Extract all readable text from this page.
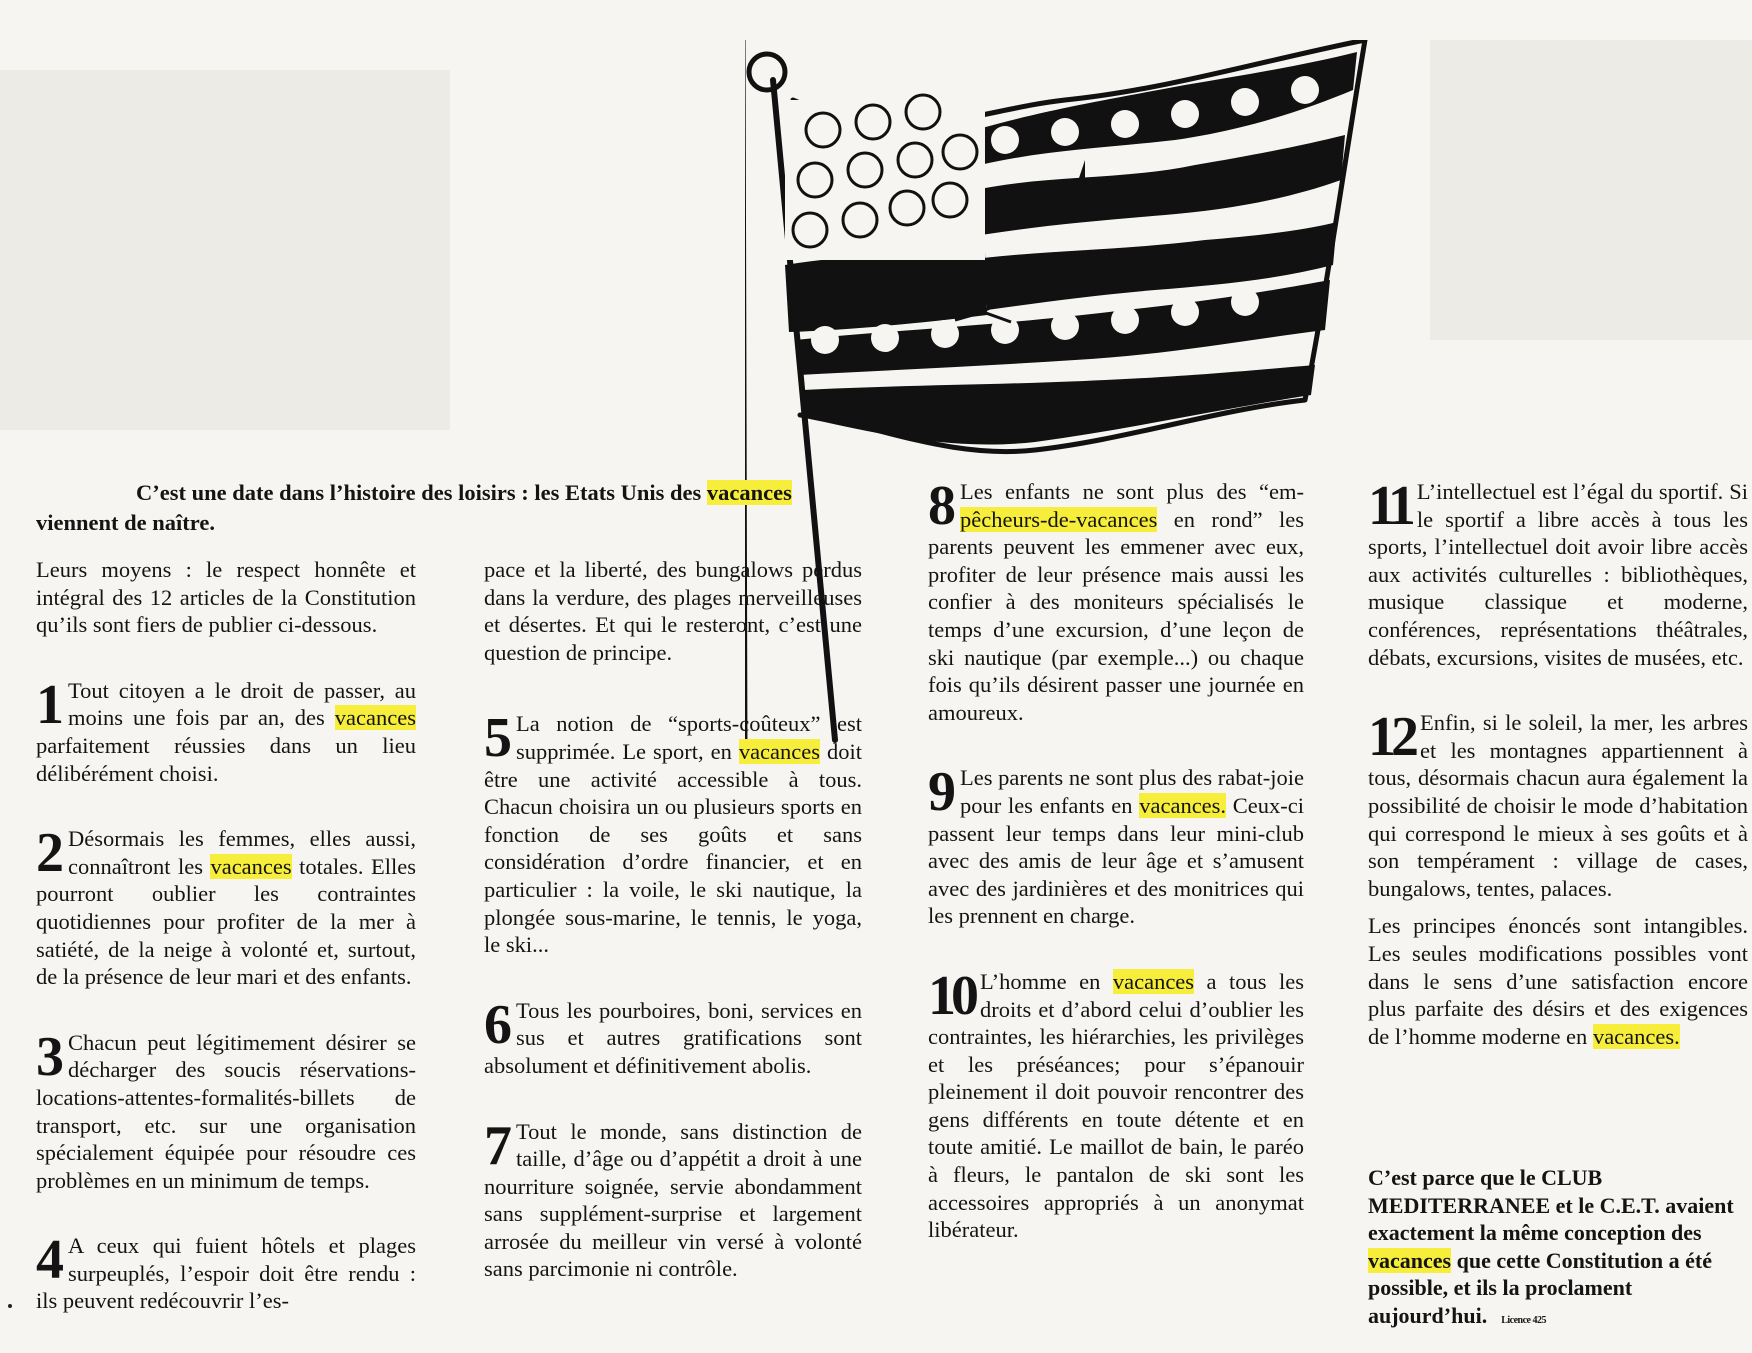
C’est une date dans l’histoire des loisirs : les Etats Unis des vacances
viennent de naître.

Leurs moyens : le respect honnête et intégral des 12 articles de la Constitution qu’ils sont fiers de publier ci-dessous.

1 Tout citoyen a le droit de passer, au moins une fois par an, des vacances parfaitement réussies dans un lieu délibérément choisi.

2 Désormais les femmes, elles aussi, connaîtront les vacances totales. Elles pourront oublier les contraintes quotidiennes pour profiter de la mer à satiété, de la neige à volonté et, surtout, de la présence de leur mari et des enfants.

3 Chacun peut légitimement désirer se décharger des soucis réservations-locations-attentes-formalités-billets de transport, etc. sur une organisation spécialement équipée pour résoudre ces problèmes en un minimum de temps.

4 A ceux qui fuient hôtels et plages surpeuplés, l’espoir doit être rendu : ils peuvent redécouvrir l’es-

pace et la liberté, des bungalows perdus dans la verdure, des plages merveilleuses et désertes. Et qui le resteront, c’est une question de principe.

5 La notion de “sports-coûteux” est supprimée. Le sport, en vacances doit être une activité accessible à tous. Chacun choisira un ou plusieurs sports en fonction de ses goûts et sans considération d’ordre financier, et en particulier : la voile, le ski nautique, la plongée sous-marine, le tennis, le yoga, le ski...

6 Tous les pourboires, boni, services en sus et autres gratifications sont absolument et définitivement abolis.

7 Tout le monde, sans distinction de taille, d’âge ou d’appétit a droit à une nourriture soignée, servie abondamment sans supplément-surprise et largement arrosée du meilleur vin versé à volonté sans parcimonie ni contrôle.

8 Les enfants ne sont plus des “em-pêcheurs-de-vacances en rond” les parents peuvent les emmener avec eux, profiter de leur présence mais aussi les confier à des moniteurs spécialisés le temps d’une excursion, d’une leçon de ski nautique (par exemple...) ou chaque fois qu’ils désirent passer une journée en amoureux.

9 Les parents ne sont plus des rabat-joie pour les enfants en vacances. Ceux-ci passent leur temps dans leur mini-club avec des amis de leur âge et s’amusent avec des jardinières et des monitrices qui les prennent en charge.

10 L’homme en vacances a tous les droits et d’abord celui d’oublier les contraintes, les hiérarchies, les privilèges et les préséances; pour s’épanouir pleinement il doit pouvoir rencontrer des gens différents en toute détente et en toute amitié. Le maillot de bain, le paréo à fleurs, le pantalon de ski sont les accessoires appropriés à un anonymat libérateur.

11 L’intellectuel est l’égal du sportif. Si le sportif a libre accès à tous les sports, l’intellectuel doit avoir libre accès aux activités culturelles : bibliothèques, musique classique et moderne, conférences, représentations théâtrales, débats, excursions, visites de musées, etc.

12 Enfin, si le soleil, la mer, les arbres et les montagnes appartiennent à tous, désormais chacun aura également la possibilité de choisir le mode d’habitation qui correspond le mieux à ses goûts et à son tempérament : village de cases, bungalows, tentes, palaces.

Les principes énoncés sont intangibles. Les seules modifications possibles vont dans le sens d’une satisfaction encore plus parfaite des désirs et des exigences de l’homme moderne en vacances.

C’est parce que le CLUB MEDITERRANEE et le C.E.T. avaient exactement la même conception des vacances que cette Constitution a été possible, et ils la proclament aujourd’hui. Licence 425
